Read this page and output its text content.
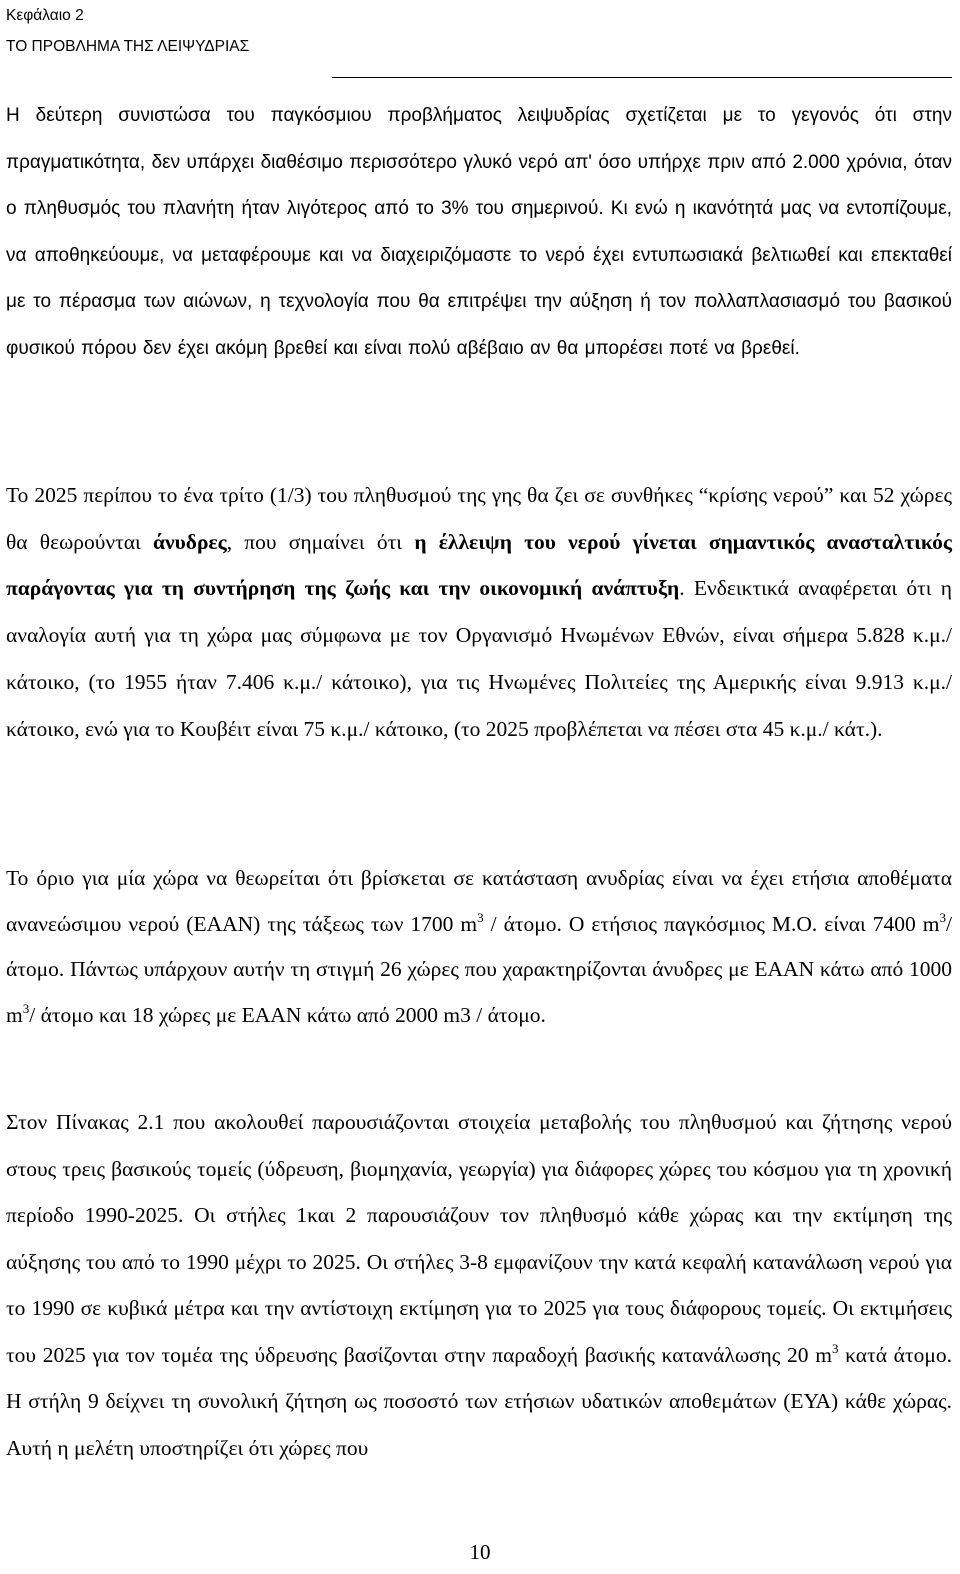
Κεφάλαιο 2
ΤΟ ΠΡΟΒΛΗΜΑ ΤΗΣ ΛΕΙΨΥΔΡΙΑΣ

Η δεύτερη συνιστώσα του παγκόσμιου προβλήματος λειψυδρίας σχετίζεται με το γεγονός ότι στην πραγματικότητα, δεν υπάρχει διαθέσιμο περισσότερο γλυκό νερό απ' όσο υπήρχε πριν από 2.000 χρόνια, όταν ο πληθυσμός του πλανήτη ήταν λιγότερος από το 3% του σημερινού. Κι ενώ η ικανότητά μας να εντοπίζουμε, να αποθηκεύουμε, να μεταφέρουμε και να διαχειριζόμαστε το νερό έχει εντυπωσιακά βελτιωθεί και επεκταθεί με το πέρασμα των αιώνων, η τεχνολογία που θα επιτρέψει την αύξηση ή τον πολλαπλασιασμό του βασικού φυσικού πόρου δεν έχει ακόμη βρεθεί και είναι πολύ αβέβαιο αν θα μπορέσει ποτέ να βρεθεί.

Το 2025 περίπου το ένα τρίτο (1/3) του πληθυσμού της γης θα ζει σε συνθήκες “κρίσης νερού” και 52 χώρες θα θεωρούνται άνυδρες, που σημαίνει ότι η έλλειψη του νερού γίνεται σημαντικός ανασταλτικός παράγοντας για τη συντήρηση της ζωής και την οικονομική ανάπτυξη. Ενδεικτικά αναφέρεται ότι η αναλογία αυτή για τη χώρα μας σύμφωνα με τον Οργανισμό Ηνωμένων Εθνών, είναι σήμερα 5.828 κ.μ./ κάτοικο, (το 1955 ήταν 7.406 κ.μ./ κάτοικο), για τις Ηνωμένες Πολιτείες της Αμερικής είναι 9.913 κ.μ./ κάτοικο, ενώ για το Κουβέιτ είναι 75 κ.μ./ κάτοικο, (το 2025 προβλέπεται να πέσει στα 45 κ.μ./ κάτ.).

Το όριο για μία χώρα να θεωρείται ότι βρίσκεται σε κατάσταση ανυδρίας είναι να έχει ετήσια αποθέματα ανανεώσιμου νερού (ΕΑΑΝ) της τάξεως των 1700 $m^3$ / άτομο. Ο ετήσιος παγκόσμιος Μ.Ο. είναι 7400 $m^3$/άτομο. Πάντως υπάρχουν αυτήν τη στιγμή 26 χώρες που χαρακτηρίζονται άνυδρες με ΕΑΑΝ κάτω από 1000 $m^3/$ άτομο και 18 χώρες με ΕΑΑΝ κάτω από 2000 m3 / άτομο.

Στον Πίνακας 2.1 που ακολουθεί παρουσιάζονται στοιχεία μεταβολής του πληθυσμού και ζήτησης νερού στους τρεις βασικούς τομείς (ύδρευση, βιομηχανία, γεωργία) για διάφορες χώρες του κόσμου για τη χρονική περίοδο 1990-2025. Οι στήλες 1και 2 παρουσιάζουν τον πληθυσμό κάθε χώρας και την εκτίμηση της αύξησης του από το 1990 μέχρι το 2025. Οι στήλες 3-8 εμφανίζουν την κατά κεφαλή κατανάλωση νερού για το 1990 σε κυβικά μέτρα και την αντίστοιχη εκτίμηση για το 2025 για τους διάφορους τομείς. Οι εκτιμήσεις του 2025 για τον τομέα της ύδρευσης βασίζονται στην παραδοχή βασικής κατανάλωσης 20 $m^3$ κατά άτομο. Η στήλη 9 δείχνει τη συνολική ζήτηση ως ποσοστό των ετήσιων υδατικών αποθεμάτων (ΕΥΑ) κάθε χώρας. Αυτή η μελέτη υποστηρίζει ότι χώρες που

10
